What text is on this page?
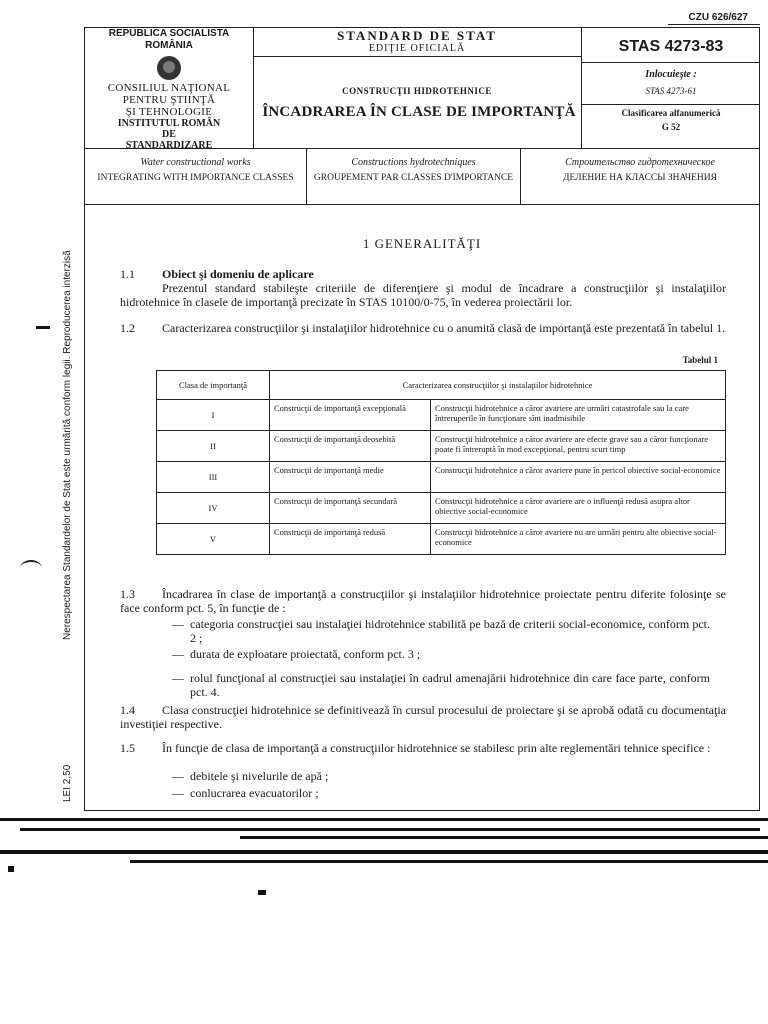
CZU 626/627
REPUBLICA SOCIALISTA ROMÂNIA
CONSILIUL NAŢIONAL
PENTRU ŞTIINŢĂ
ŞI TEHNOLOGIE
INSTITUTUL ROMÂN
DE
STANDARDIZARE
STANDARD DE STAT
EDIŢIE OFICIALĂ
CONSTRUCŢII HIDROTEHNICE
ÎNCADRAREA ÎN CLASE DE IMPORTANŢĂ
STAS 4273-83
Inlocuieşte :
STAS 4273-61
Clasificarea alfanumerică
G 52
Water constructional works
INTEGRATING WITH IMPORTANCE CLASSES
Constructions hydrotechniques
GROUPEMENT PAR CLASSES D'IMPORTANCE
Строительство гидротехническое
ДЕЛЕНИЕ НА КЛАССЫ ЗНАЧЕНИЯ
1 GENERALITĂŢI
1.1 Obiect şi domeniu de aplicare
Prezentul standard stabileşte criteriile de diferenţiere şi modul de încadrare a construcţiilor şi instalaţiilor hidrotehnice în clasele de importanţă precizate în STAS 10100/0-75, în vederea proiectării lor.
1.2	Caracterizarea construcţiilor şi instalaţiilor hidrotehnice cu o anumită clasă de importanţă este prezentată în tabelul 1.
Tabelul 1
Clasa de importanţă	Caracterizarea construcţiilor şi instalaţiilor hidrotehnice	
I	Construcţii de importanţă excepţională	Construcţii hidrotehnice a căror avariere are urmări catastrofale sau la care întreruperile în funcţionare sînt inadmisibile
II	Construcţii de importanţă deosebită	Construcţii hidrotehnice a căror avariere are efecte grave sau a căror funcţionare poate fi întreruptă în mod excepţional, pentru scurt timp
III	Construcţii de importanţă medie	Construcţii hidrotehnice a căror avariere pune în pericol obiective social-economice
IV	Construcţii de importanţă secundară	Construcţii hidrotehnice a căror avariere are o influenţă redusă asupra altor obiective social-economice
V	Construcţii de importanţă redusă	Construcţii hidrotehnice a căror avariere nu are urmări pentru alte obiective social-economice
1.3	Încadrarea în clase de importanţă a construcţiilor şi instalaţiilor hidrotehnice proiectate pentru diferite folosinţe se face conform pct. 5, în funcţie de :
— categoria construcţiei sau instalaţiei hidrotehnice stabilită pe bază de criterii social-economice, conform pct. 2 ;
— durata de exploatare proiectată, conform pct. 3 ;
— rolul funcţional al construcţiei sau instalaţiei în cadrul amenajării hidrotehnice din care face parte, conform pct. 4.
1.4	Clasa construcţiei hidrotehnice se definitivează în cursul procesului de proiectare şi se aprobă odată cu documentaţia investiţiei respective.
1.5	În funcţie de clasa de importanţă a construcţiilor hidrotehnice se stabilesc prin alte reglementări tehnice specifice :
— debitele şi nivelurile de apă ;
— conlucrarea evacuatorilor ;
Nerespectarea Standardelor de Stat este urmărită conform legii. Reproducerea interzisă
LEI 2,50
